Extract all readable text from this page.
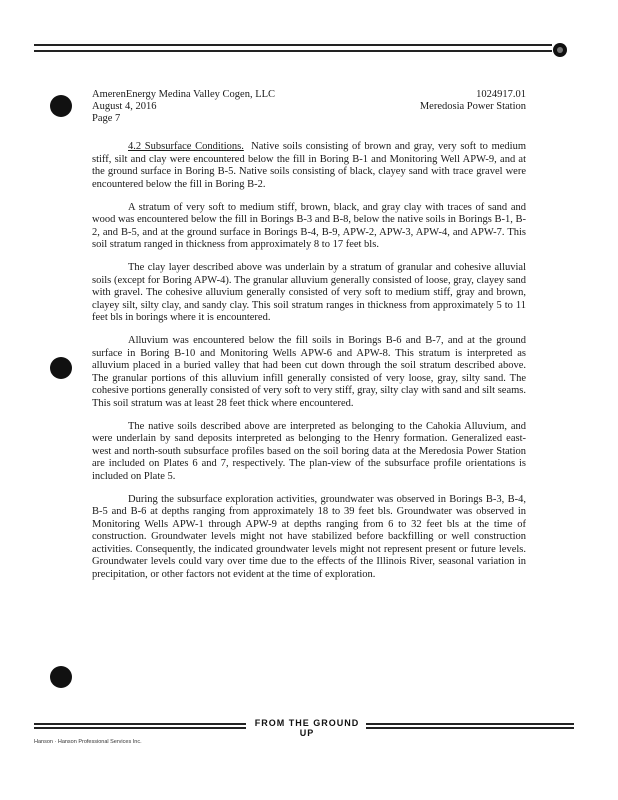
AmerenEnergy Medina Valley Cogen, LLC	1024917.01
August 4, 2016	Meredosia Power Station
Page 7

4.2 Subsurface Conditions. Native soils consisting of brown and gray, very soft to medium stiff, silt and clay were encountered below the fill in Boring B-1 and Monitoring Well APW-9, and at the ground surface in Boring B-5. Native soils consisting of black, clayey sand with trace gravel were encountered below the fill in Boring B-2.

A stratum of very soft to medium stiff, brown, black, and gray clay with traces of sand and wood was encountered below the fill in Borings B-3 and B-8, below the native soils in Borings B-1, B-2, and B-5, and at the ground surface in Borings B-4, B-9, APW-2, APW-3, APW-4, and APW-7. This soil stratum ranged in thickness from approximately 8 to 17 feet bls.

The clay layer described above was underlain by a stratum of granular and cohesive alluvial soils (except for Boring APW-4). The granular alluvium generally consisted of loose, gray, clayey sand with gravel. The cohesive alluvium generally consisted of very soft to medium stiff, gray and brown, clayey silt, silty clay, and sandy clay. This soil stratum ranges in thickness from approximately 5 to 11 feet bls in borings where it is encountered.

Alluvium was encountered below the fill soils in Borings B-6 and B-7, and at the ground surface in Boring B-10 and Monitoring Wells APW-6 and APW-8. This stratum is interpreted as alluvium placed in a buried valley that had been cut down through the soil stratum described above. The granular portions of this alluvium infill generally consisted of very loose, gray, silty sand. The cohesive portions generally consisted of very soft to very stiff, gray, silty clay with sand and silt seams. This soil stratum was at least 28 feet thick where encountered.

The native soils described above are interpreted as belonging to the Cahokia Alluvium, and were underlain by sand deposits interpreted as belonging to the Henry formation. Generalized east-west and north-south subsurface profiles based on the soil boring data at the Meredosia Power Station are included on Plates 6 and 7, respectively. The plan-view of the subsurface profile orientations is included on Plate 5.

During the subsurface exploration activities, groundwater was observed in Borings B-3, B-4, B-5 and B-6 at depths ranging from approximately 18 to 39 feet bls. Groundwater was observed in Monitoring Wells APW-1 through APW-9 at depths ranging from 6 to 32 feet bls at the time of construction. Groundwater levels might not have stabilized before backfilling or well construction activities. Consequently, the indicated groundwater levels might not represent present or future levels. Groundwater levels could vary over time due to the effects of the Illinois River, seasonal variation in precipitation, or other factors not evident at the time of exploration.

FROM THE GROUND UP
Hanson · Hanson Professional Services Inc.
